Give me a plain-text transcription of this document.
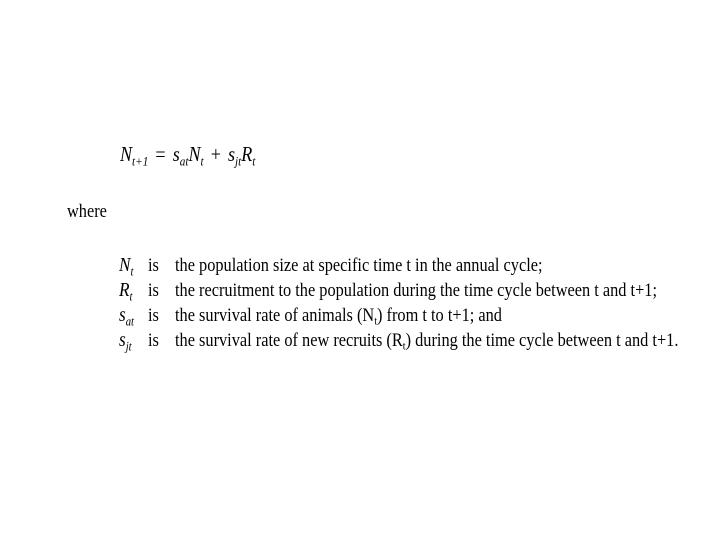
$N_{t+1} = s_{at}N_t + s_{jt}R_t$
where
$N_t$ is the population size at specific time t in the annual cycle;
$R_t$ is the recruitment to the population during the time cycle between t and t+1;
$s_{at}$ is the survival rate of animals $(N_t)$ from t to t+1; and
$s_{jt}$ is the survival rate of new recruits $(R_t)$ during the time cycle between t and t+1.
